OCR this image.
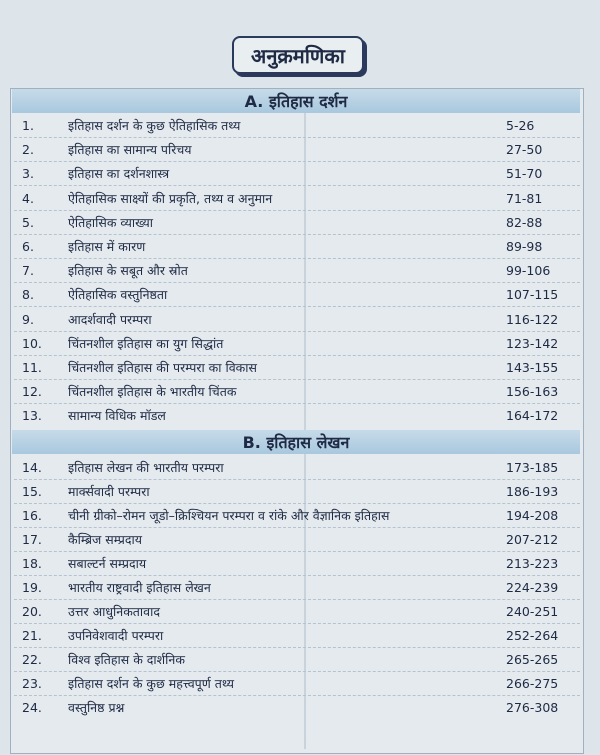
अनुक्रमणिका
A. इतिहास दर्शन
1.	इतिहास दर्शन के कुछ ऐतिहासिक तथ्य	5-26
2.	इतिहास का सामान्य परिचय	27-50
3.	इतिहास का दर्शनशास्त्र	51-70
4.	ऐतिहासिक साक्ष्यों की प्रकृति, तथ्य व अनुमान	71-81
5.	ऐतिहासिक व्याख्या	82-88
6.	इतिहास में कारण	89-98
7.	इतिहास के सबूत और स्रोत	99-106
8.	ऐतिहासिक वस्तुनिष्ठता	107-115
9.	आदर्शवादी परम्परा	116-122
10.	चिंतनशील इतिहास का युग सिद्धांत	123-142
11.	चिंतनशील इतिहास की परम्परा का विकास	143-155
12.	चिंतनशील इतिहास के भारतीय चिंतक	156-163
13.	सामान्य विधिक मॉडल	164-172
B. इतिहास लेखन
14.	इतिहास लेखन की भारतीय परम्परा	173-185
15.	मार्क्सवादी परम्परा	186-193
16.	चीनी ग्रीको–रोमन जूडो–क्रिश्चियन परम्परा व रांके और वैज्ञानिक इतिहास	194-208
17.	कैम्ब्रिज सम्प्रदाय	207-212
18.	सबाल्टर्न सम्प्रदाय	213-223
19.	भारतीय राष्ट्रवादी इतिहास लेखन	224-239
20.	उत्तर आधुनिकतावाद	240-251
21.	उपनिवेशवादी परम्परा	252-264
22.	विश्व इतिहास के दार्शनिक	265-265
23.	इतिहास दर्शन के कुछ महत्त्वपूर्ण तथ्य	266-275
24.	वस्तुनिष्ठ प्रश्न	276-308
